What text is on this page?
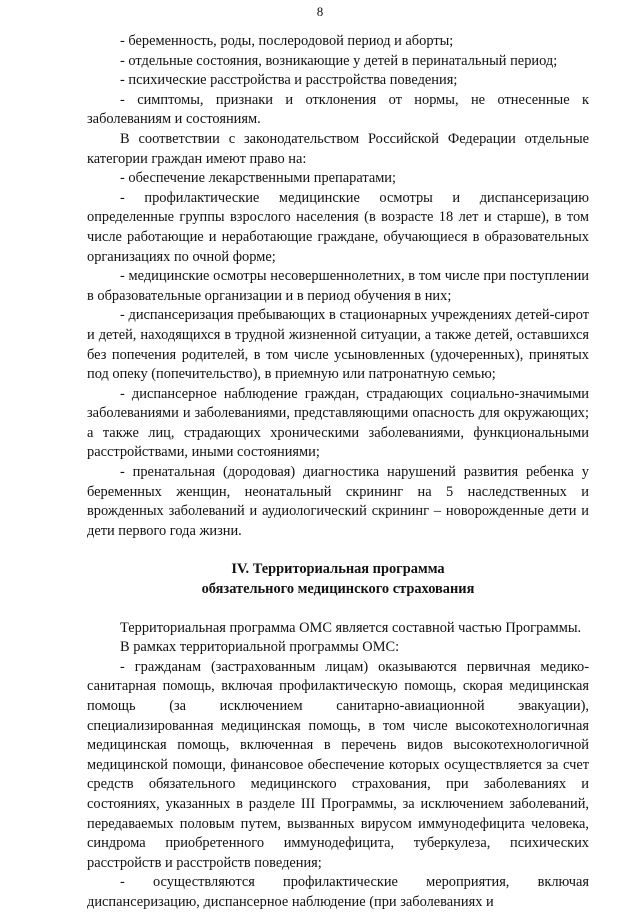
8

- беременность, роды, послеродовой период и аборты;

- отдельные состояния, возникающие у детей в перинатальный период;

- психические расстройства и расстройства поведения;

- симптомы, признаки и отклонения от нормы, не отнесенные к заболеваниям и состояниям.

В соответствии с законодательством Российской Федерации отдельные категории граждан имеют право на:

- обеспечение лекарственными препаратами;

- профилактические медицинские осмотры и диспансеризацию определенные группы взрослого населения (в возрасте 18 лет и старше), в том числе работающие и неработающие граждане, обучающиеся в образовательных организациях по очной форме;

- медицинские осмотры несовершеннолетних, в том числе при поступлении в образовательные организации и в период обучения в них;

- диспансеризация пребывающих в стационарных учреждениях детей-сирот и детей, находящихся в трудной жизненной ситуации, а также детей, оставшихся без попечения родителей, в том числе усыновленных (удочеренных), принятых под опеку (попечительство), в приемную или патронатную семью;

- диспансерное наблюдение граждан, страдающих социально-значимыми заболеваниями и заболеваниями, представляющими опасность для окружающих; а также лиц, страдающих хроническими заболеваниями, функциональными расстройствами, иными состояниями;

- пренатальная (дородовая) диагностика нарушений развития ребенка у беременных женщин, неонатальный скрининг на 5 наследственных и врожденных заболеваний и аудиологический скрининг – новорожденные дети и дети первого года жизни.

IV. Территориальная программа

обязательного медицинского страхования

Территориальная программа ОМС является составной частью Программы.

В рамках территориальной программы ОМС:

- гражданам (застрахованным лицам) оказываются первичная медико-санитарная помощь, включая профилактическую помощь, скорая медицинская помощь (за исключением санитарно-авиационной эвакуации), специализированная медицинская помощь, в том числе высокотехнологичная медицинская помощь, включенная в перечень видов высокотехнологичной медицинской помощи, финансовое обеспечение которых осуществляется за счет средств обязательного медицинского страхования, при заболеваниях и состояниях, указанных в разделе III Программы, за исключением заболеваний, передаваемых половым путем, вызванных вирусом иммунодефицита человека, синдрома приобретенного иммунодефицита, туберкулеза, психических расстройств и расстройств поведения;

- осуществляются профилактические мероприятия, включая диспансеризацию, диспансерное наблюдение (при заболеваниях и
